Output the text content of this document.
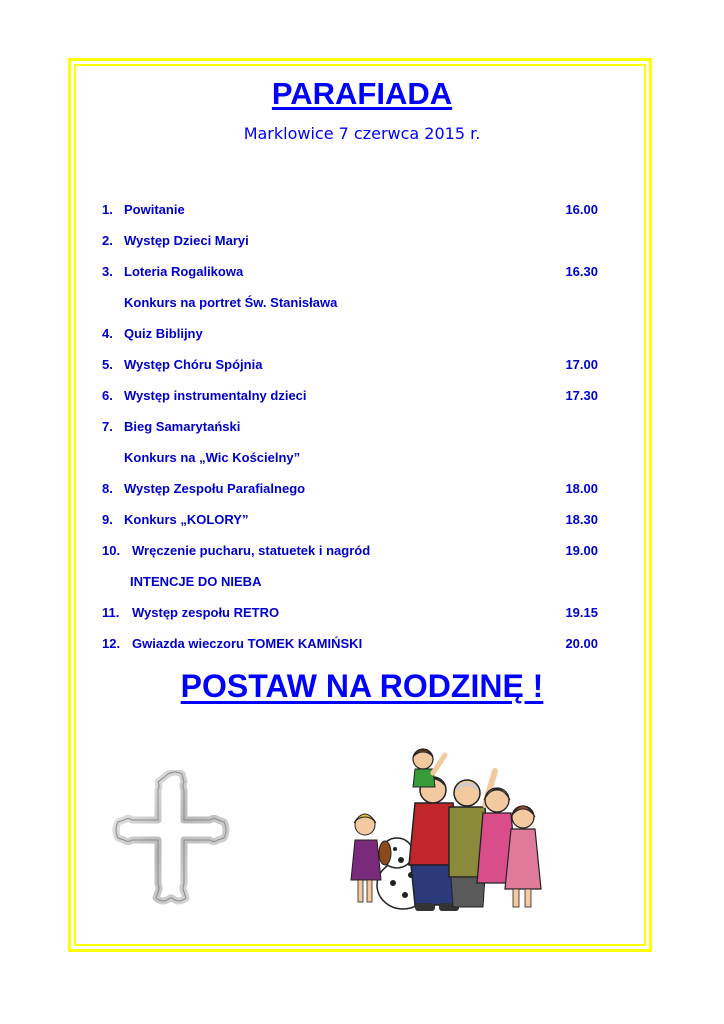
PARAFIADA
Marklowice 7 czerwca 2015 r.
1. Powitanie	16.00
2. Występ Dzieci Maryi
3. Loteria Rogalikowa	16.30
Konkurs na portret Św. Stanisława
4. Quiz Biblijny
5. Występ Chóru Spójnia	17.00
6. Występ instrumentalny dzieci	17.30
7. Bieg Samarytański
Konkurs na „Wic Kościelny”
8. Występ Zespołu Parafialnego	18.00
9. Konkurs „KOLORY”	18.30
10. Wręczenie pucharu, statuetek i nagród	19.00
INTENCJE DO NIEBA
11. Występ zespołu RETRO	19.15
12. Gwiazda wieczoru TOMEK KAMIŃSKI	20.00
POSTAW NA RODZINĘ !
